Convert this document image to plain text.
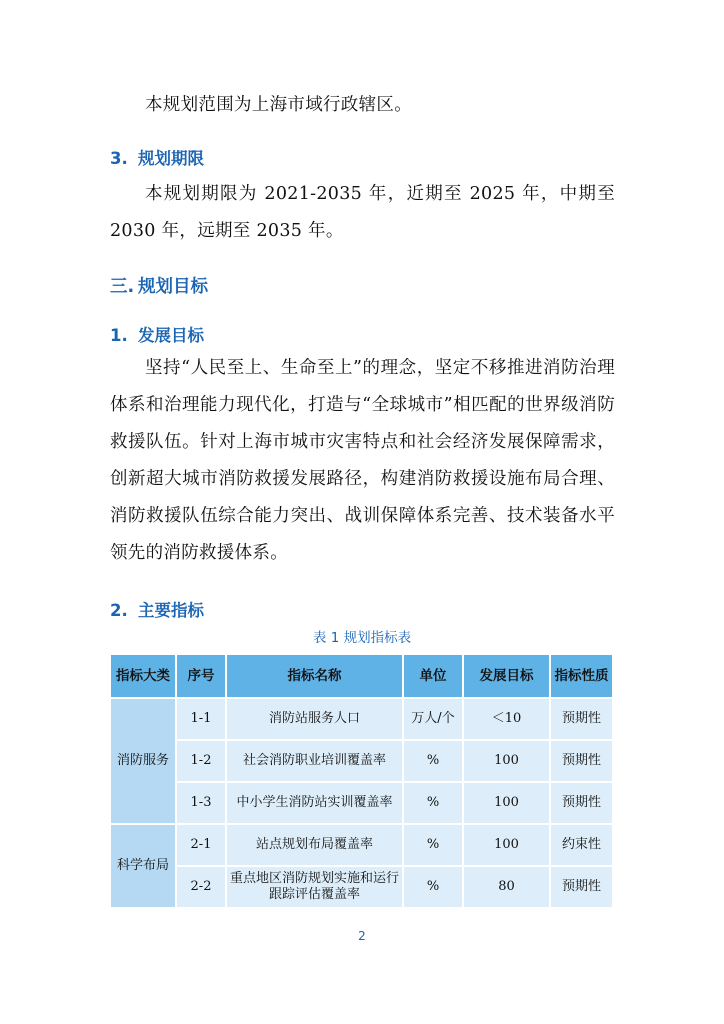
本规划范围为上海市域行政辖区。

3. 规划期限

本规划期限为 2021-2035 年，近期至 2025 年，中期至 2030 年，远期至 2035 年。

三. 规划目标
1. 发展目标

坚持“人民至上、生命至上”的理念，坚定不移推进消防治理体系和治理能力现代化，打造与“全球城市”相匹配的世界级消防救援队伍。针对上海市城市灾害特点和社会经济发展保障需求，创新超大城市消防救援发展路径，构建消防救援设施布局合理、消防救援队伍综合能力突出、战训保障体系完善、技术装备水平领先的消防救援体系。

2. 主要指标
表 1 规划指标表
指标大类	序号	指标名称	单位	发展目标	指标性质
消防服务	1-1	消防站服务人口	万人/个	＜10	预期性
	1-2	社会消防职业培训覆盖率	%	100	预期性
	1-3	中小学生消防站实训覆盖率	%	100	预期性
科学布局	2-1	站点规划布局覆盖率	%	100	约束性
	2-2	重点地区消防规划实施和运行跟踪评估覆盖率	%	80	预期性
2
